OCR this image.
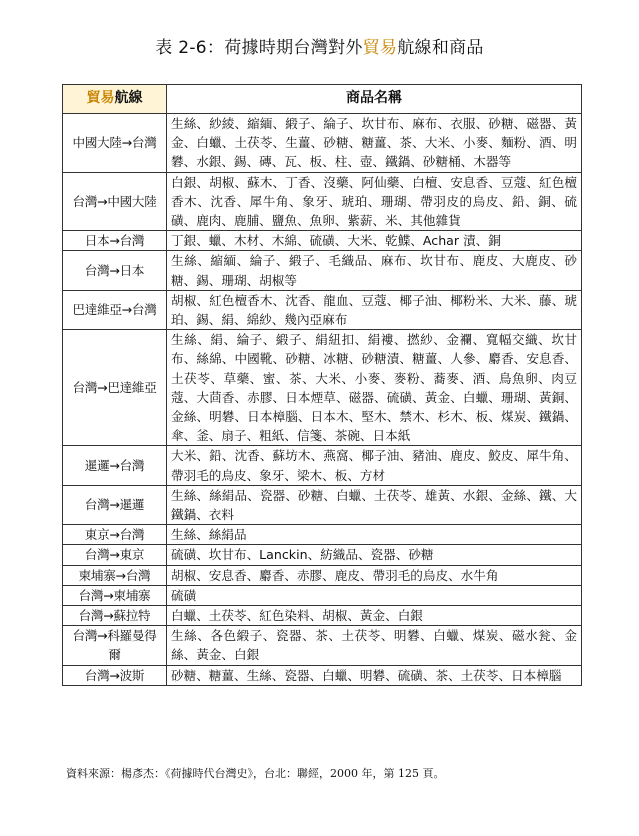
表 2-6：荷據時期台灣對外貿易航線和商品
貿易航線	商品名稱
中國大陸→台灣	生絲、紗綾、縮緬、緞子、綸子、坎甘布、麻布、衣服、砂糖、磁器、黃金、白蠟、土茯苓、生薑、砂糖、糖薑、茶、大米、小麥、麵粉、酒、明礬、水銀、錫、磚、瓦、板、柱、壺、鐵鍋、砂糖桶、木器等
台灣→中國大陸	白銀、胡椒、蘇木、丁香、沒藥、阿仙藥、白檀、安息香、豆蔻、紅色檀香木、沈香、犀牛角、象牙、琥珀、珊瑚、帶羽皮的烏皮、鉛、銅、硫磺、鹿肉、鹿脯、鹽魚、魚卵、紫薪、米、其他雜貨
日本→台灣	丁銀、蠟、木材、木綿、硫磺、大米、乾鰈、Achar 漬、銅
台灣→日本	生絲、縮緬、綸子、緞子、毛織品、麻布、坎甘布、鹿皮、大鹿皮、砂糖、錫、珊瑚、胡椒等
巴達維亞→台灣	胡椒、紅色檀香木、沈香、龍血、豆蔻、椰子油、椰粉米、大米、藤、琥珀、錫、絹、綿紗、幾內亞麻布
台灣→巴達維亞	生絲、絹、綸子、緞子、絹紐扣、絹褸、撚紗、金襴、寬幅交織、坎甘布、絲綿、中國靴、砂糖、冰糖、砂糖漬、糖薑、人參、麝香、安息香、土茯苓、草藥、蜜、茶、大米、小麥、麥粉、蕎麥、酒、鳥魚卵、肉豆蔻、大茴香、赤膠、日本煙草、磁器、硫磺、黃金、白蠟、珊瑚、黃銅、金絲、明礬、日本樟腦、日本木、堅木、禁木、杉木、板、煤炭、鐵鍋、傘、釜、扇子、粗紙、信箋、茶碗、日本紙
暹邏→台灣	大米、鉛、沈香、蘇坊木、燕窩、椰子油、豬油、鹿皮、鮫皮、犀牛角、帶羽毛的烏皮、象牙、梁木、板、方材
台灣→暹邏	生絲、絲絹品、瓷器、砂糖、白蠟、土茯苓、雄黃、水銀、金絲、鐵、大鐵鍋、衣料
東京→台灣	生絲、絲絹品
台灣→東京	硫磺、坎甘布、Lanckin、紡織品、瓷器、砂糖
柬埔寨→台灣	胡椒、安息香、麝香、赤膠、鹿皮、帶羽毛的烏皮、水牛角
台灣→柬埔寨	硫磺
台灣→蘇拉特	白蠟、土茯苓、紅色染料、胡椒、黃金、白銀
台灣→科羅曼得爾	生絲、各色緞子、瓷器、茶、土茯苓、明礬、白蠟、煤炭、磁水瓮、金絲、黃金、白銀
台灣→波斯	砂糖、糖薑、生絲、瓷器、白蠟、明礬、硫磺、茶、土茯苓、日本樟腦
資料來源：楊彥杰：《荷據時代台灣史》，台北：聯經，2000 年，第 125 頁。
